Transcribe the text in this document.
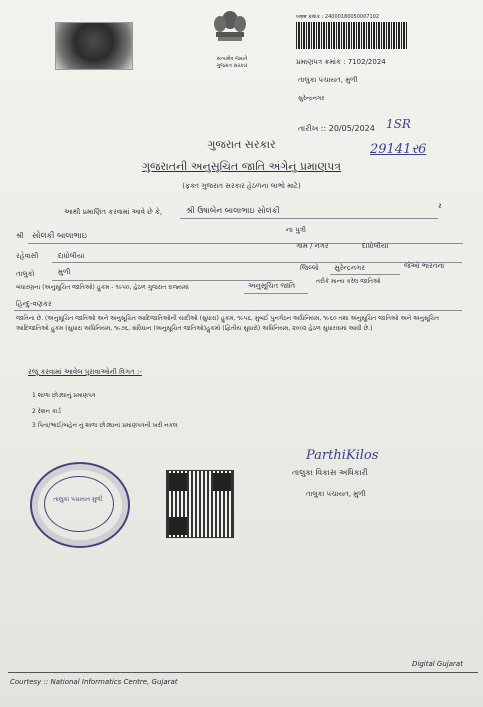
સત્યમેવ જયતે
ગુજરાત સરકાર
ਅਰਜ਼ ક્રમાંક : 24000180050007102
પ્રમાણપત્ર ક્રમાંક : 7102/2024
તાલુકા પંચાયત, મુળી
સુરેન્દ્રનગર
તારીખ :: 20/05/2024 1SR
29141ર6
ગુજરાત સરકાર
ગુજરાતની અનુસૂચિત જાતિ અંગેનું પ્રમાણપત્ર
(ફક્ત ગુજરાત સરકાર હેઠળના લાભો માટે)
આથી પ્રમાણિત કરવામાં આવે છે કે,	શ્રી ઉષાબેન બાલાભાઇ સોલંકી	ર
શ્રી સોલંકી બાલાભાઇ
ના પુત્રી
રહેવાસી	દાધોલીયા
ગામ / નગર	દાધોલીયા
તાલુકો	મુળી	જિલ્લો સુરેન્દ્રનગર	જેઓ ભારતના
બંધારણના (અનુસૂચિત જાતિઓ) હુકમ - ૧૯૫૦, હેઠળ ગુજરાત રાજ્યમાં	અનુસૂચિત જાતિ
તરીકે માન્ય કરેલ જાતિઓ
હિન્દુ-વણકર
જાતિના છે. (અનુસૂચિત જાતિઓ અને અનુસૂચિત આદિજાતિઓની યાદીઓ (સુધારા) હુકમ, ૧૯૫૬, મુંબઈ પુનર્ગઠન અધિનિયમ, ૧૯૬૦ તથા અનુસૂચિત જાતિઓ અને અનુસૂચિત આદિજાતિઓ હુકમ (સુધારા અધિનિયમ, ૧૯૭૬, સંવિધાન (અનુસૂચિત જાતિઓ)હુકમો (દ્વિતીય સુધારો) અધિનિયમ, ૨૦૦૨ હેઠળ સુધારવામાં આવી છે.)
રજૂ કરવામાં આવેલ પુરાવાઓની વિગત :-
1 શાળા છોડ્યાનું પ્રમાણપત્ર
2 રેશન કાર્ડ
3 પિતા/ભાઈ/બહેન નું શાળા છોડ્યાનાં પ્રમાણપત્રની ખરી નકલ
તાલુકા પંચાયત મુળી
ParthiKilos
તાલુકા વિકાસ અધિકારી
તાલુકા પંચાયત, મુળી
Digital Gujarat
Courtesy :: National Informatics Centre, Gujarat
